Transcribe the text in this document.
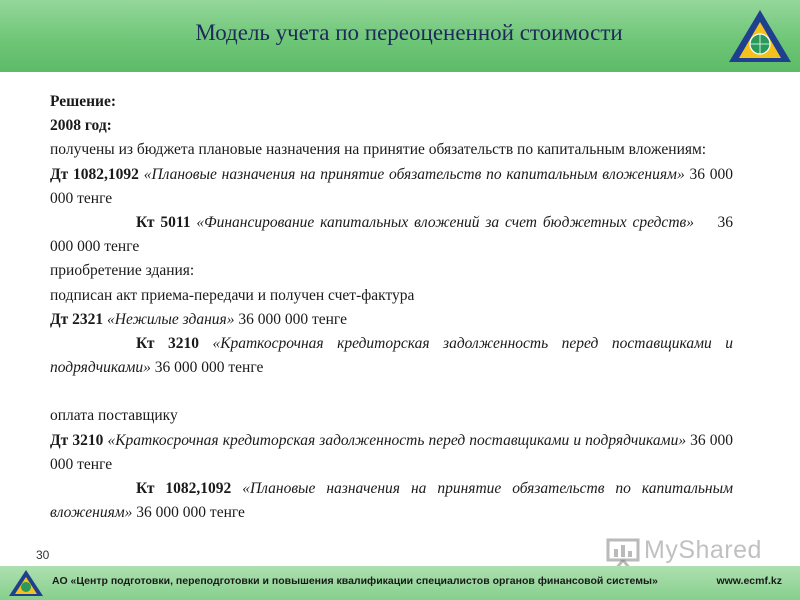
Модель учета по переоцененной стоимости

Решение:

2008 год:

получены из бюджета плановые назначения на принятие обязательств по капитальным вложениям:

Дт 1082,1092 «Плановые назначения на принятие обязательств по капитальным вложениям» 36 000 000 тенге

Кт 5011 «Финансирование капитальных вложений за счет бюджетных средств» 36 000 000 тенге

приобретение здания:

подписан акт приема-передачи и получен счет-фактура

Дт 2321 «Нежилые здания» 36 000 000 тенге

Кт 3210 «Краткосрочная кредиторская задолженность перед поставщиками и подрядчиками» 36 000 000 тенге

оплата поставщику

Дт 3210 «Краткосрочная кредиторская задолженность перед поставщиками и подрядчиками» 36 000 000 тенге

Кт 1082,1092 «Плановые назначения на принятие обязательств по капитальным вложениям» 36 000 000 тенге

30	MyShared
АО «Центр подготовки, переподготовки и повышения квалификации специалистов органов финансовой системы»	www.ecmf.kz
